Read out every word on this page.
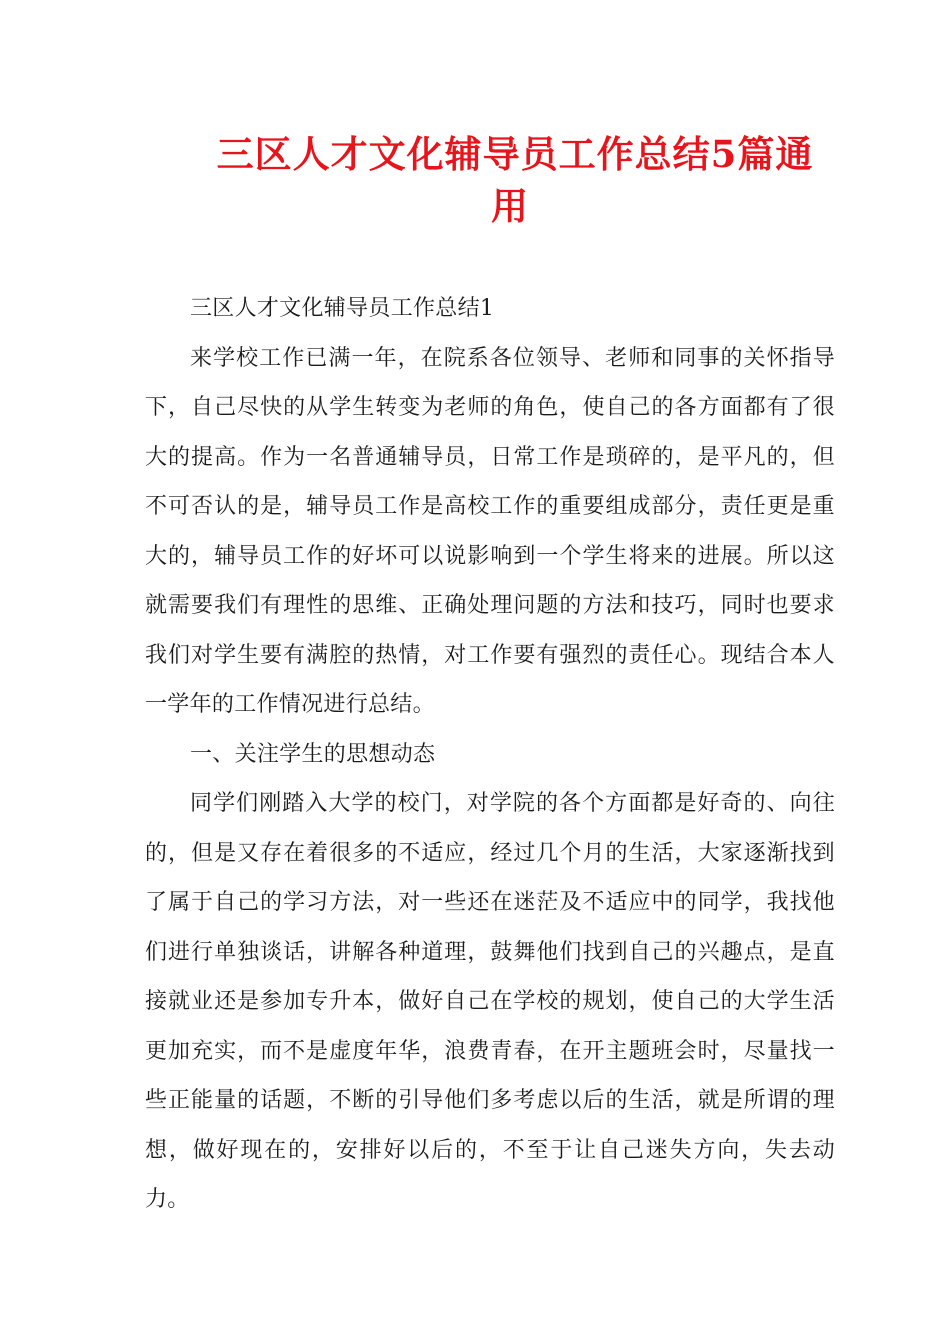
三区人才文化辅导员工作总结5篇通
用

三区人才文化辅导员工作总结1

来学校工作已满一年，在院系各位领导、老师和同事的关怀指导下，自己尽快的从学生转变为老师的角色，使自己的各方面都有了很大的提高。作为一名普通辅导员，日常工作是琐碎的，是平凡的，但不可否认的是，辅导员工作是高校工作的重要组成部分，责任更是重大的，辅导员工作的好坏可以说影响到一个学生将来的进展。所以这就需要我们有理性的思维、正确处理问题的方法和技巧，同时也要求我们对学生要有满腔的热情，对工作要有强烈的责任心。现结合本人一学年的工作情况进行总结。

一、关注学生的思想动态

同学们刚踏入大学的校门，对学院的各个方面都是好奇的、向往的，但是又存在着很多的不适应，经过几个月的生活，大家逐渐找到了属于自己的学习方法，对一些还在迷茫及不适应中的同学，我找他们进行单独谈话，讲解各种道理，鼓舞他们找到自己的兴趣点，是直接就业还是参加专升本，做好自己在学校的规划，使自己的大学生活更加充实，而不是虚度年华，浪费青春，在开主题班会时，尽量找一些正能量的话题，不断的引导他们多考虑以后的生活，就是所谓的理想，做好现在的，安排好以后的，不至于让自己迷失方向，失去动力。
